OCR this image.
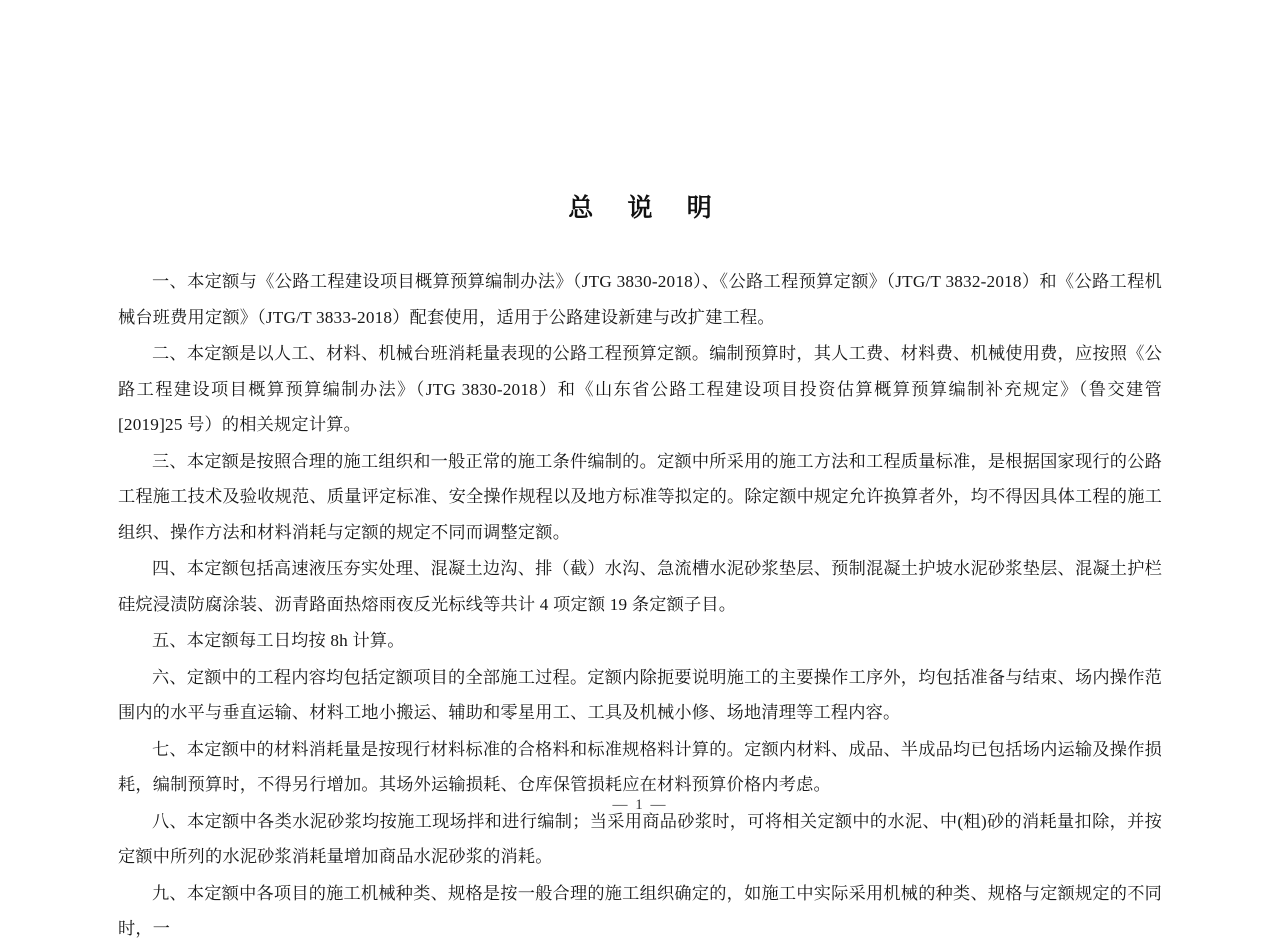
总 说 明

一、本定额与《公路工程建设项目概算预算编制办法》（JTG 3830-2018）、《公路工程预算定额》（JTG/T 3832-2018）和《公路工程机械台班费用定额》（JTG/T 3833-2018）配套使用，适用于公路建设新建与改扩建工程。

二、本定额是以人工、材料、机械台班消耗量表现的公路工程预算定额。编制预算时，其人工费、材料费、机械使用费，应按照《公路工程建设项目概算预算编制办法》（JTG 3830-2018）和《山东省公路工程建设项目投资估算概算预算编制补充规定》（鲁交建管[2019]25 号）的相关规定计算。

三、本定额是按照合理的施工组织和一般正常的施工条件编制的。定额中所采用的施工方法和工程质量标准，是根据国家现行的公路工程施工技术及验收规范、质量评定标准、安全操作规程以及地方标准等拟定的。除定额中规定允许换算者外，均不得因具体工程的施工组织、操作方法和材料消耗与定额的规定不同而调整定额。

四、本定额包括高速液压夯实处理、混凝土边沟、排（截）水沟、急流槽水泥砂浆垫层、预制混凝土护坡水泥砂浆垫层、混凝土护栏硅烷浸渍防腐涂装、沥青路面热熔雨夜反光标线等共计 4 项定额 19 条定额子目。

五、本定额每工日均按 8h 计算。

六、定额中的工程内容均包括定额项目的全部施工过程。定额内除扼要说明施工的主要操作工序外，均包括准备与结束、场内操作范围内的水平与垂直运输、材料工地小搬运、辅助和零星用工、工具及机械小修、场地清理等工程内容。

七、本定额中的材料消耗量是按现行材料标准的合格料和标准规格料计算的。定额内材料、成品、半成品均已包括场内运输及操作损耗，编制预算时，不得另行增加。其场外运输损耗、仓库保管损耗应在材料预算价格内考虑。

八、本定额中各类水泥砂浆均按施工现场拌和进行编制；当采用商品砂浆时，可将相关定额中的水泥、中(粗)砂的消耗量扣除，并按定额中所列的水泥砂浆消耗量增加商品水泥砂浆的消耗。

九、本定额中各项目的施工机械种类、规格是按一般合理的施工组织确定的，如施工中实际采用机械的种类、规格与定额规定的不同时，一

— 1 —
